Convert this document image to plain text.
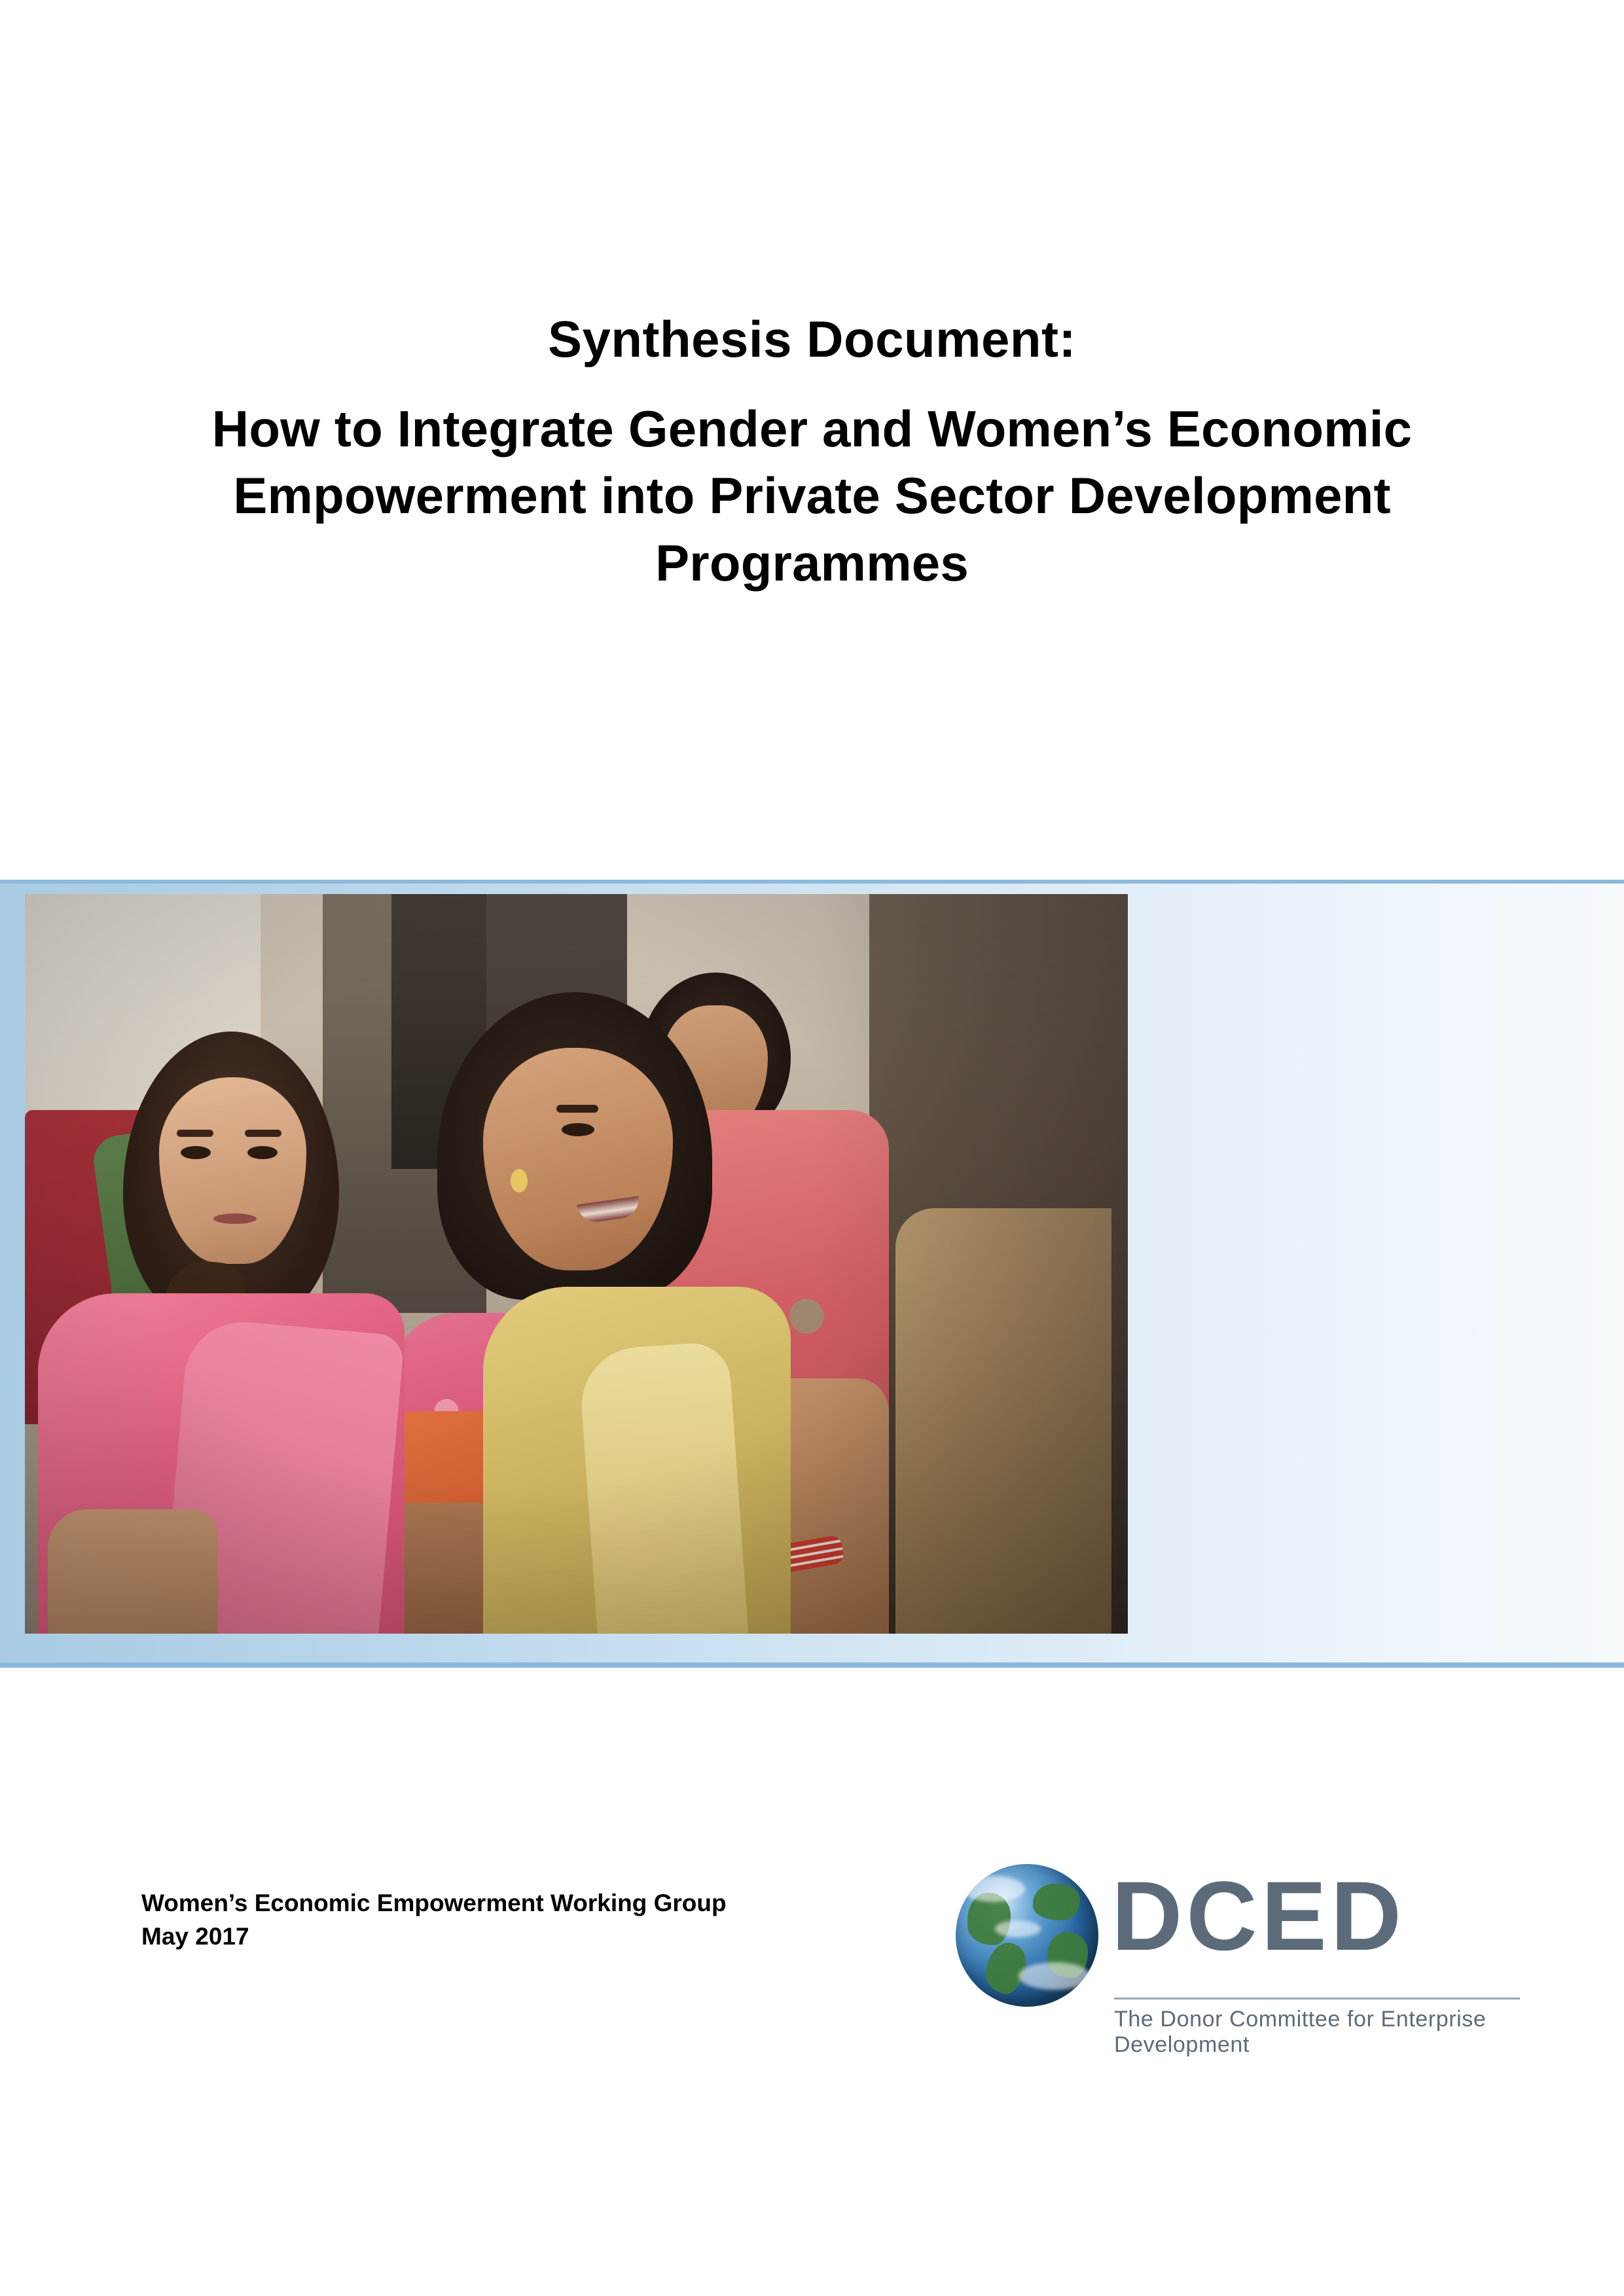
Synthesis Document:
How to Integrate Gender and Women’s Economic Empowerment into Private Sector Development Programmes
Women’s Economic Empowerment Working Group
May 2017	DCED
The Donor Committee for Enterprise Development
